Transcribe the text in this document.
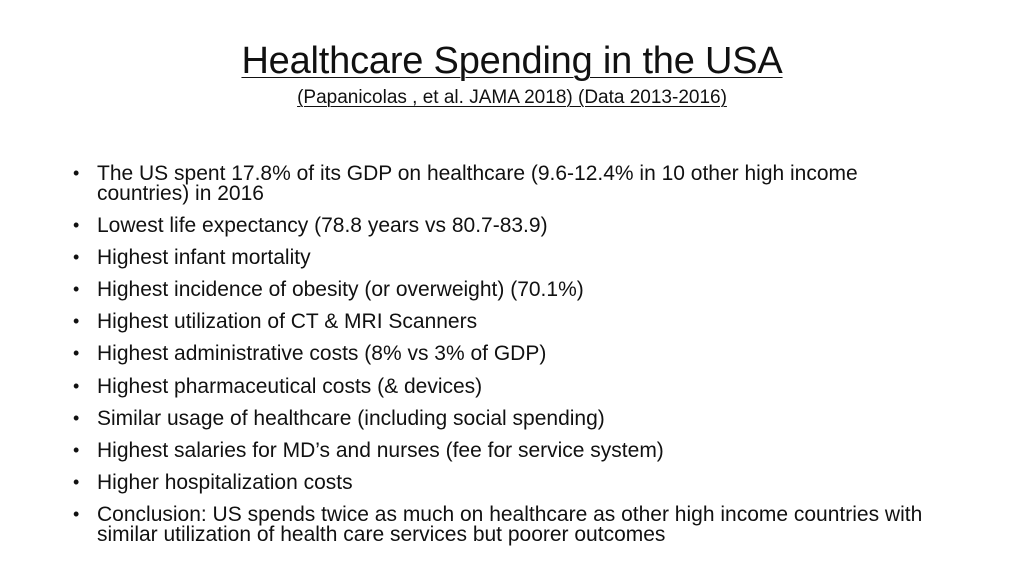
Healthcare Spending in the USA
(Papanicolas , et al. JAMA 2018) (Data 2013-2016)
• The US spent 17.8% of its GDP on healthcare (9.6-12.4% in 10 other high income countries) in 2016
• Lowest life expectancy (78.8 years vs 80.7-83.9)
• Highest infant mortality
• Highest incidence of obesity (or overweight) (70.1%)
• Highest utilization of CT & MRI Scanners
• Highest administrative costs (8% vs 3% of GDP)
• Highest pharmaceutical costs (& devices)
• Similar usage of healthcare (including social spending)
• Highest salaries for MD’s and nurses (fee for service system)
• Higher hospitalization costs
• Conclusion: US spends twice as much on healthcare as other high income countries with similar utilization of health care services but poorer outcomes
